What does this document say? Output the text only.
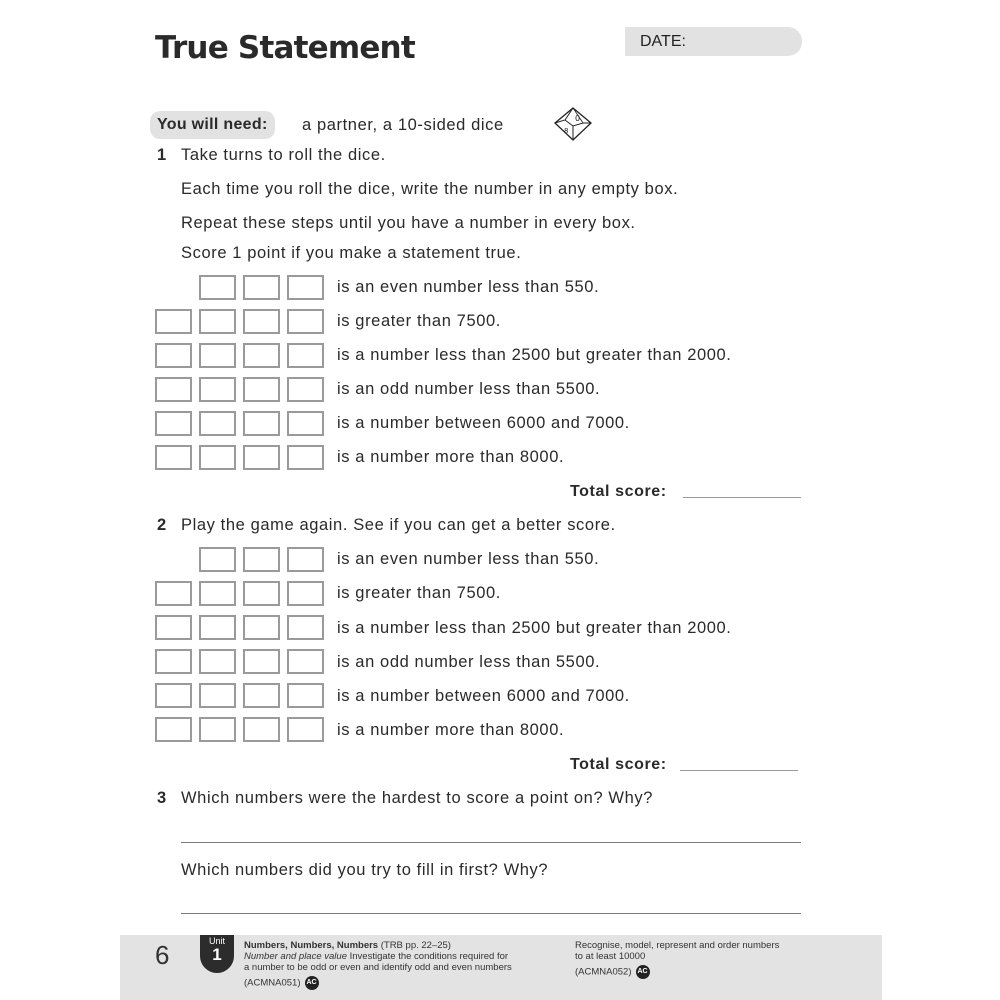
True Statement	DATE:
You will need:	a partner, a 10-sided dice	0
8
1 Take turns to roll the dice.
Each time you roll the dice, write the number in any empty box.
Repeat these steps until you have a number in every box.
Score 1 point if you make a statement true.
is an even number less than 550.
is greater than 7500.
is a number less than 2500 but greater than 2000.
is an odd number less than 5500.
is a number between 6000 and 7000.
is a number more than 8000.
Total score:
2 Play the game again. See if you can get a better score.
is an even number less than 550.
is greater than 7500.
is a number less than 2500 but greater than 2000.
is an odd number less than 5500.
is a number between 6000 and 7000.
is a number more than 8000.
Total score:
3 Which numbers were the hardest to score a point on? Why?
Which numbers did you try to fill in first? Why?
6	Unit
1	Numbers, Numbers, Numbers (TRB pp. 22–25)
Number and place value Investigate the conditions required for
a number to be odd or even and identify odd and even numbers
(ACMNA051) AC
Recognise, model, represent and order numbers
to at least 10000
(ACMNA052) AC
